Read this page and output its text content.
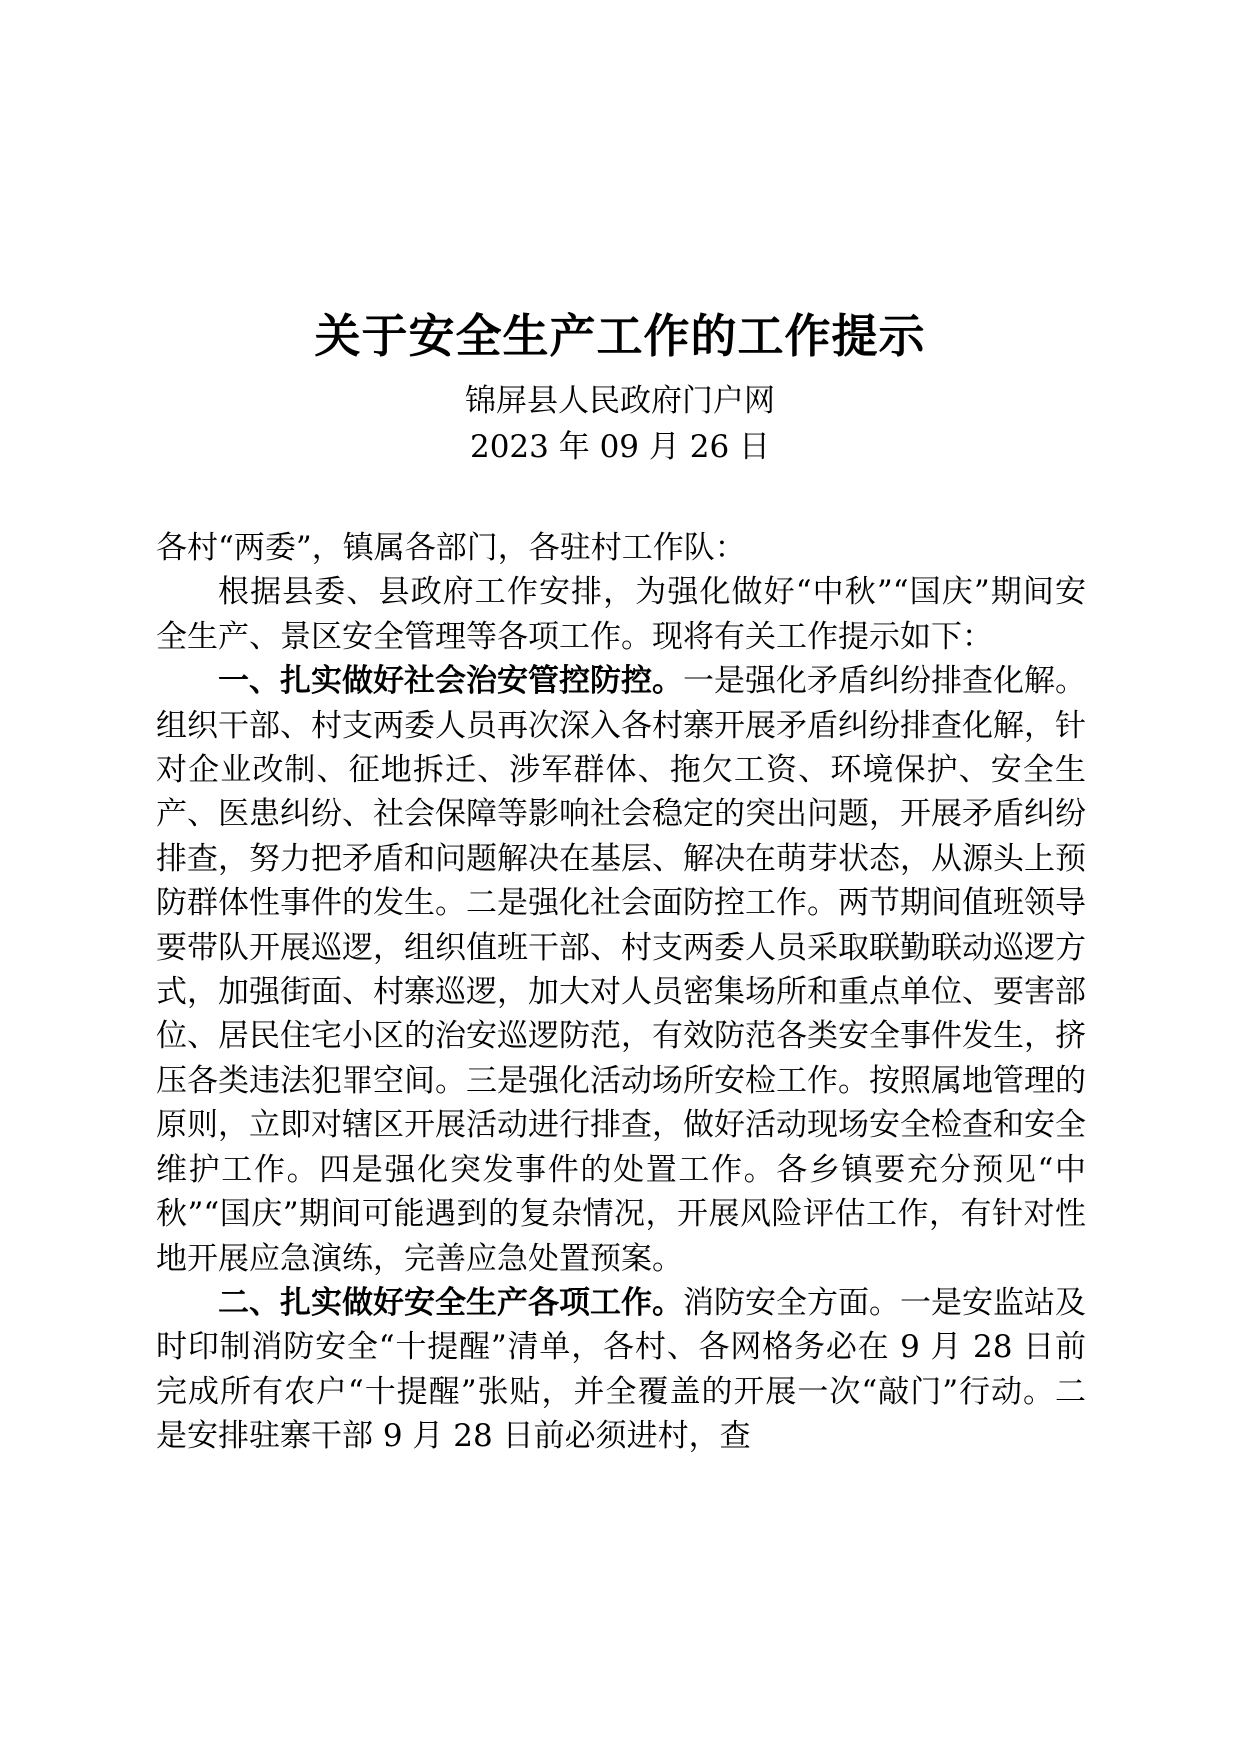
关于安全生产工作的工作提示
锦屏县人民政府门户网
2023 年 09 月 26 日

各村“两委”，镇属各部门，各驻村工作队：

根据县委、县政府工作安排，为强化做好“中秋”“国庆”期间安全生产、景区安全管理等各项工作。现将有关工作提示如下：

一、扎实做好社会治安管控防控。一是强化矛盾纠纷排查化解。组织干部、村支两委人员再次深入各村寨开展矛盾纠纷排查化解，针对企业改制、征地拆迁、涉军群体、拖欠工资、环境保护、安全生产、医患纠纷、社会保障等影响社会稳定的突出问题，开展矛盾纠纷排查，努力把矛盾和问题解决在基层、解决在萌芽状态，从源头上预防群体性事件的发生。二是强化社会面防控工作。两节期间值班领导要带队开展巡逻，组织值班干部、村支两委人员采取联勤联动巡逻方式，加强街面、村寨巡逻，加大对人员密集场所和重点单位、要害部位、居民住宅小区的治安巡逻防范，有效防范各类安全事件发生，挤压各类违法犯罪空间。三是强化活动场所安检工作。按照属地管理的原则，立即对辖区开展活动进行排查，做好活动现场安全检查和安全维护工作。四是强化突发事件的处置工作。各乡镇要充分预见“中秋”“国庆”期间可能遇到的复杂情况，开展风险评估工作，有针对性地开展应急演练，完善应急处置预案。

二、扎实做好安全生产各项工作。消防安全方面。一是安监站及时印制消防安全“十提醒”清单，各村、各网格务必在 9 月 28 日前完成所有农户“十提醒”张贴，并全覆盖的开展一次“敲门”行动。二是安排驻寨干部 9 月 28 日前必须进村，查
